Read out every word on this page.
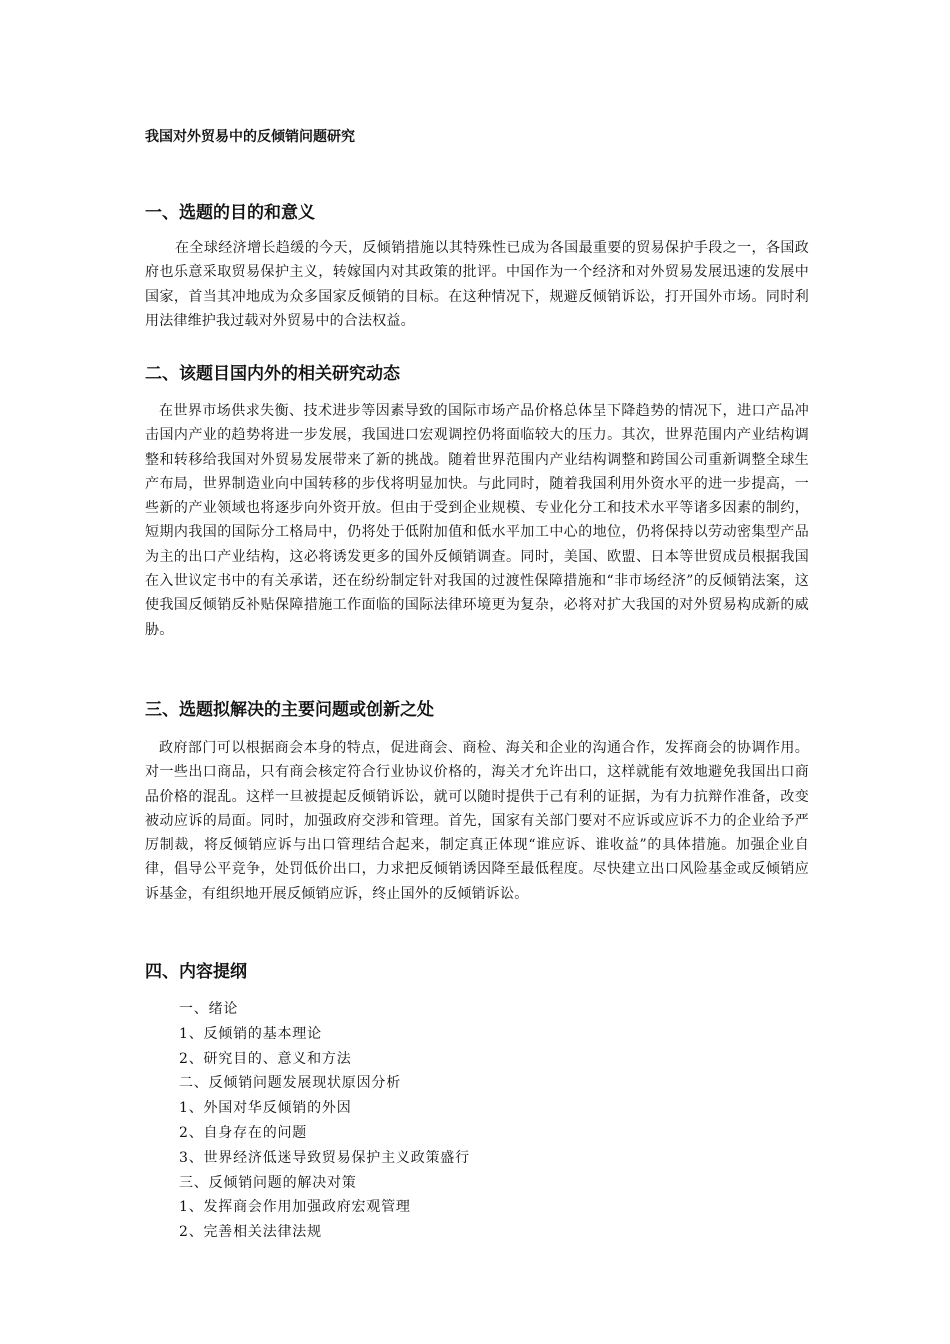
我国对外贸易中的反倾销问题研究
一、选题的目的和意义

在全球经济增长趋缓的今天，反倾销措施以其特殊性已成为各国最重要的贸易保护手段之一，各国政府也乐意采取贸易保护主义，转嫁国内对其政策的批评。中国作为一个经济和对外贸易发展迅速的发展中国家，首当其冲地成为众多国家反倾销的目标。在这种情况下，规避反倾销诉讼，打开国外市场。同时利用法律维护我过载对外贸易中的合法权益。

二、该题目国内外的相关研究动态

在世界市场供求失衡、技术进步等因素导致的国际市场产品价格总体呈下降趋势的情况下，进口产品冲击国内产业的趋势将进一步发展，我国进口宏观调控仍将面临较大的压力。其次，世界范围内产业结构调整和转移给我国对外贸易发展带来了新的挑战。随着世界范围内产业结构调整和跨国公司重新调整全球生产布局，世界制造业向中国转移的步伐将明显加快。与此同时，随着我国利用外资水平的进一步提高，一些新的产业领域也将逐步向外资开放。但由于受到企业规模、专业化分工和技术水平等诸多因素的制约，短期内我国的国际分工格局中，仍将处于低附加值和低水平加工中心的地位，仍将保持以劳动密集型产品为主的出口产业结构，这必将诱发更多的国外反倾销调查。同时，美国、欧盟、日本等世贸成员根据我国在入世议定书中的有关承诺，还在纷纷制定针对我国的过渡性保障措施和“非市场经济”的反倾销法案，这使我国反倾销反补贴保障措施工作面临的国际法律环境更为复杂，必将对扩大我国的对外贸易构成新的威胁。

三、选题拟解决的主要问题或创新之处

政府部门可以根据商会本身的特点，促进商会、商检、海关和企业的沟通合作，发挥商会的协调作用。对一些出口商品，只有商会核定符合行业协议价格的，海关才允许出口，这样就能有效地避免我国出口商品价格的混乱。这样一旦被提起反倾销诉讼，就可以随时提供于己有利的证据，为有力抗辩作准备，改变被动应诉的局面。同时，加强政府交涉和管理。首先，国家有关部门要对不应诉或应诉不力的企业给予严厉制裁，将反倾销应诉与出口管理结合起来，制定真正体现“谁应诉、谁收益”的具体措施。加强企业自律，倡导公平竞争，处罚低价出口，力求把反倾销诱因降至最低程度。尽快建立出口风险基金或反倾销应诉基金，有组织地开展反倾销应诉，终止国外的反倾销诉讼。

四、内容提纲
一、绪论
1、反倾销的基本理论
2、研究目的、意义和方法
二、反倾销问题发展现状原因分析
1、外国对华反倾销的外因
2、自身存在的问题
3、世界经济低迷导致贸易保护主义政策盛行
三、反倾销问题的解决对策
1、发挥商会作用加强政府宏观管理
2、完善相关法律法规
